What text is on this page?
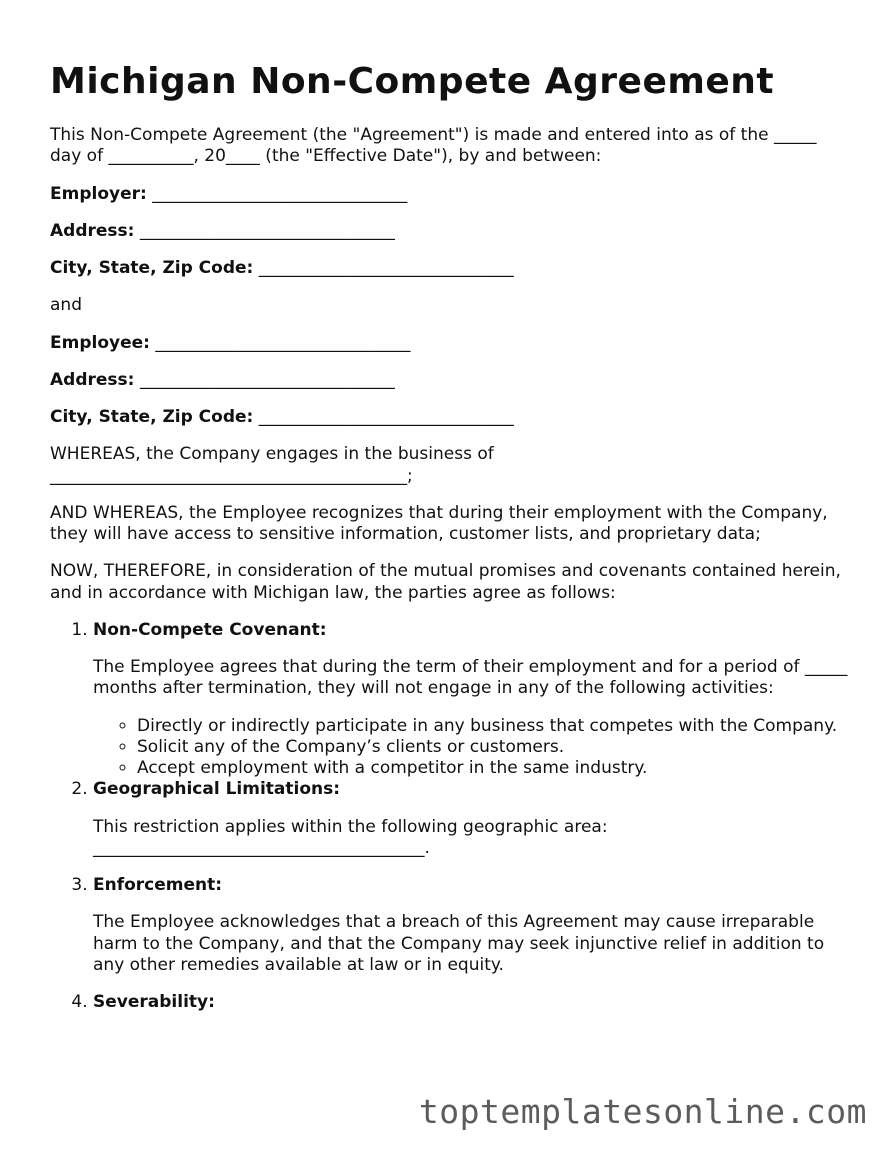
Michigan Non-Compete Agreement

This Non-Compete Agreement (the "Agreement") is made and entered into as of the _____ day of __________, 20____ (the "Effective Date"), by and between:

Employer: ______________________________

Address: ______________________________

City, State, Zip Code: ______________________________

and

Employee: ______________________________

Address: ______________________________

City, State, Zip Code: ______________________________

WHEREAS, the Company engages in the business of __________________________________________;

AND WHEREAS, the Employee recognizes that during their employment with the Company, they will have access to sensitive information, customer lists, and proprietary data;

NOW, THEREFORE, in consideration of the mutual promises and covenants contained herein, and in accordance with Michigan law, the parties agree as follows:

1. Non-Compete Covenant:

The Employee agrees that during the term of their employment and for a period of _____ months after termination, they will not engage in any of the following activities:

◦ Directly or indirectly participate in any business that competes with the Company.
◦ Solicit any of the Company’s clients or customers.
◦ Accept employment with a competitor in the same industry.
2. Geographical Limitations:

This restriction applies within the following geographic area: _______________________________________.

3. Enforcement:

The Employee acknowledges that a breach of this Agreement may cause irreparable harm to the Company, and that the Company may seek injunctive relief in addition to any other remedies available at law or in equity.

4. Severability:
toptemplatesonline.com
